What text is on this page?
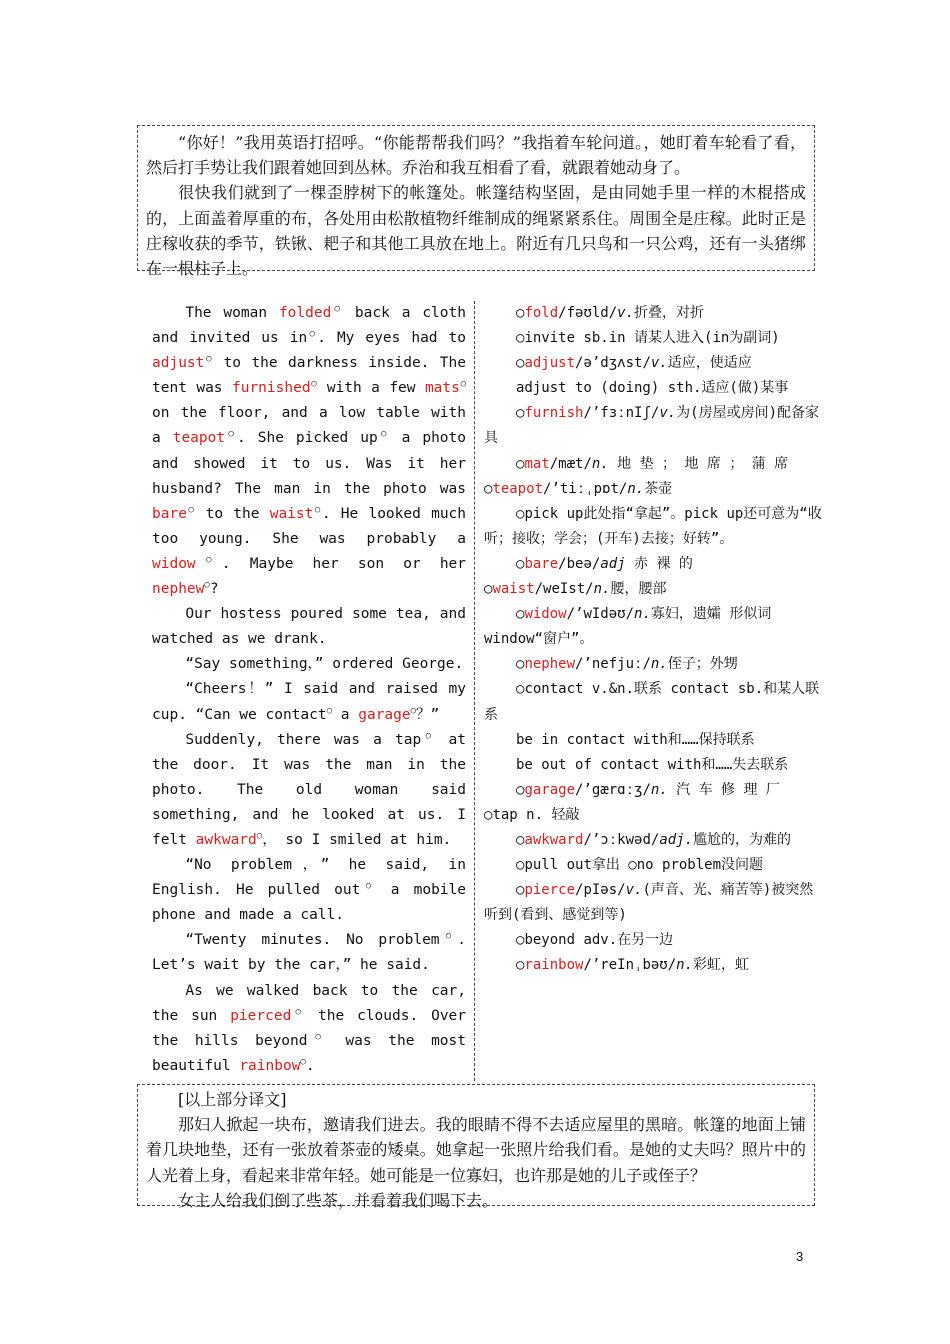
“你好！”我用英语打招呼。“你能帮帮我们吗？”我指着车轮问道。，她盯着车轮看了看，然后打手势让我们跟着她回到丛林。乔治和我互相看了看，就跟着她动身了。

很快我们就到了一棵歪脖树下的帐篷处。帐篷结构坚固，是由同她手里一样的木棍搭成的，上面盖着厚重的布，各处用由松散植物纤维制成的绳紧紧系住。周围全是庄稼。此时正是庄稼收获的季节，铁锹、耙子和其他工具放在地上。附近有几只鸟和一只公鸡，还有一头猪绑在一根柱子上。

The woman folded○ back a cloth and invited us in○. My eyes had to adjust○ to the darkness inside. The tent was furnished○ with a few mats○ on the floor, and a low table with a teapot○. She picked up○ a photo and showed it to us. Was it her husband? The man in the photo was bare○ to the waist○. He looked much too young. She was probably a widow○. Maybe her son or her nephew○?

Our hostess poured some tea, and watched as we drank.

“Say something，” ordered George.

“Cheers！” I said and raised my cup. “Can we contact○ a garage○？”

Suddenly, there was a tap○ at the door. It was the man in the photo. The old woman said something, and he looked at us. I felt awkward○， so I smiled at him.

“No problem，” he said, in English. He pulled out○ a mobile phone and made a call.

“Twenty minutes. No problem○. Let’s wait by the car，” he said.

As we walked back to the car, the sun pierced○ the clouds. Over the hills beyond○ was the most beautiful rainbow○.

○fold/fəʊld/v.折叠，对折

○invite sb.in 请某人进入(in为副词)

○adjust/ə’dʒʌst/v.适应，使适应

adjust to (doing) sth.适应(做)某事

○furnish/’fɜːnIʃ/v.为(房屋或房间)配备家具

○mat/mæt/n. 地 垫 ； 地 席 ； 蒲 席

○teapot/’tiːˌpɒt/n.茶壶

○pick up此处指“拿起”。pick up还可意为“收听；接收；学会；(开车)去接；好转”。

○bare/beə/adj 赤 裸 的

○waist/weIst/n.腰，腰部

○widow/’wIdəʊ/n.寡妇，遗孀 形似词 window“窗户”。

○nephew/’nefjuː/n.侄子；外甥

○contact v.&n.联系 contact sb.和某人联系

be in contact with和……保持联系

be out of contact with和……失去联系

○garage/’gærɑːʒ/n. 汽 车 修 理 厂

○tap n. 轻敲

○awkward/’ɔːkwəd/adj.尴尬的，为难的

○pull out拿出 ○no problem没问题

○pierce/pIəs/v.(声音、光、痛苦等)被突然听到(看到、感觉到等)

○beyond adv.在另一边

○rainbow/’reInˌbəʊ/n.彩虹，虹

[以上部分译文]

那妇人掀起一块布，邀请我们进去。我的眼睛不得不去适应屋里的黑暗。帐篷的地面上铺着几块地垫，还有一张放着茶壶的矮桌。她拿起一张照片给我们看。是她的丈夫吗？照片中的人光着上身，看起来非常年轻。她可能是一位寡妇，也许那是她的儿子或侄子？

女主人给我们倒了些茶，并看着我们喝下去。

3
